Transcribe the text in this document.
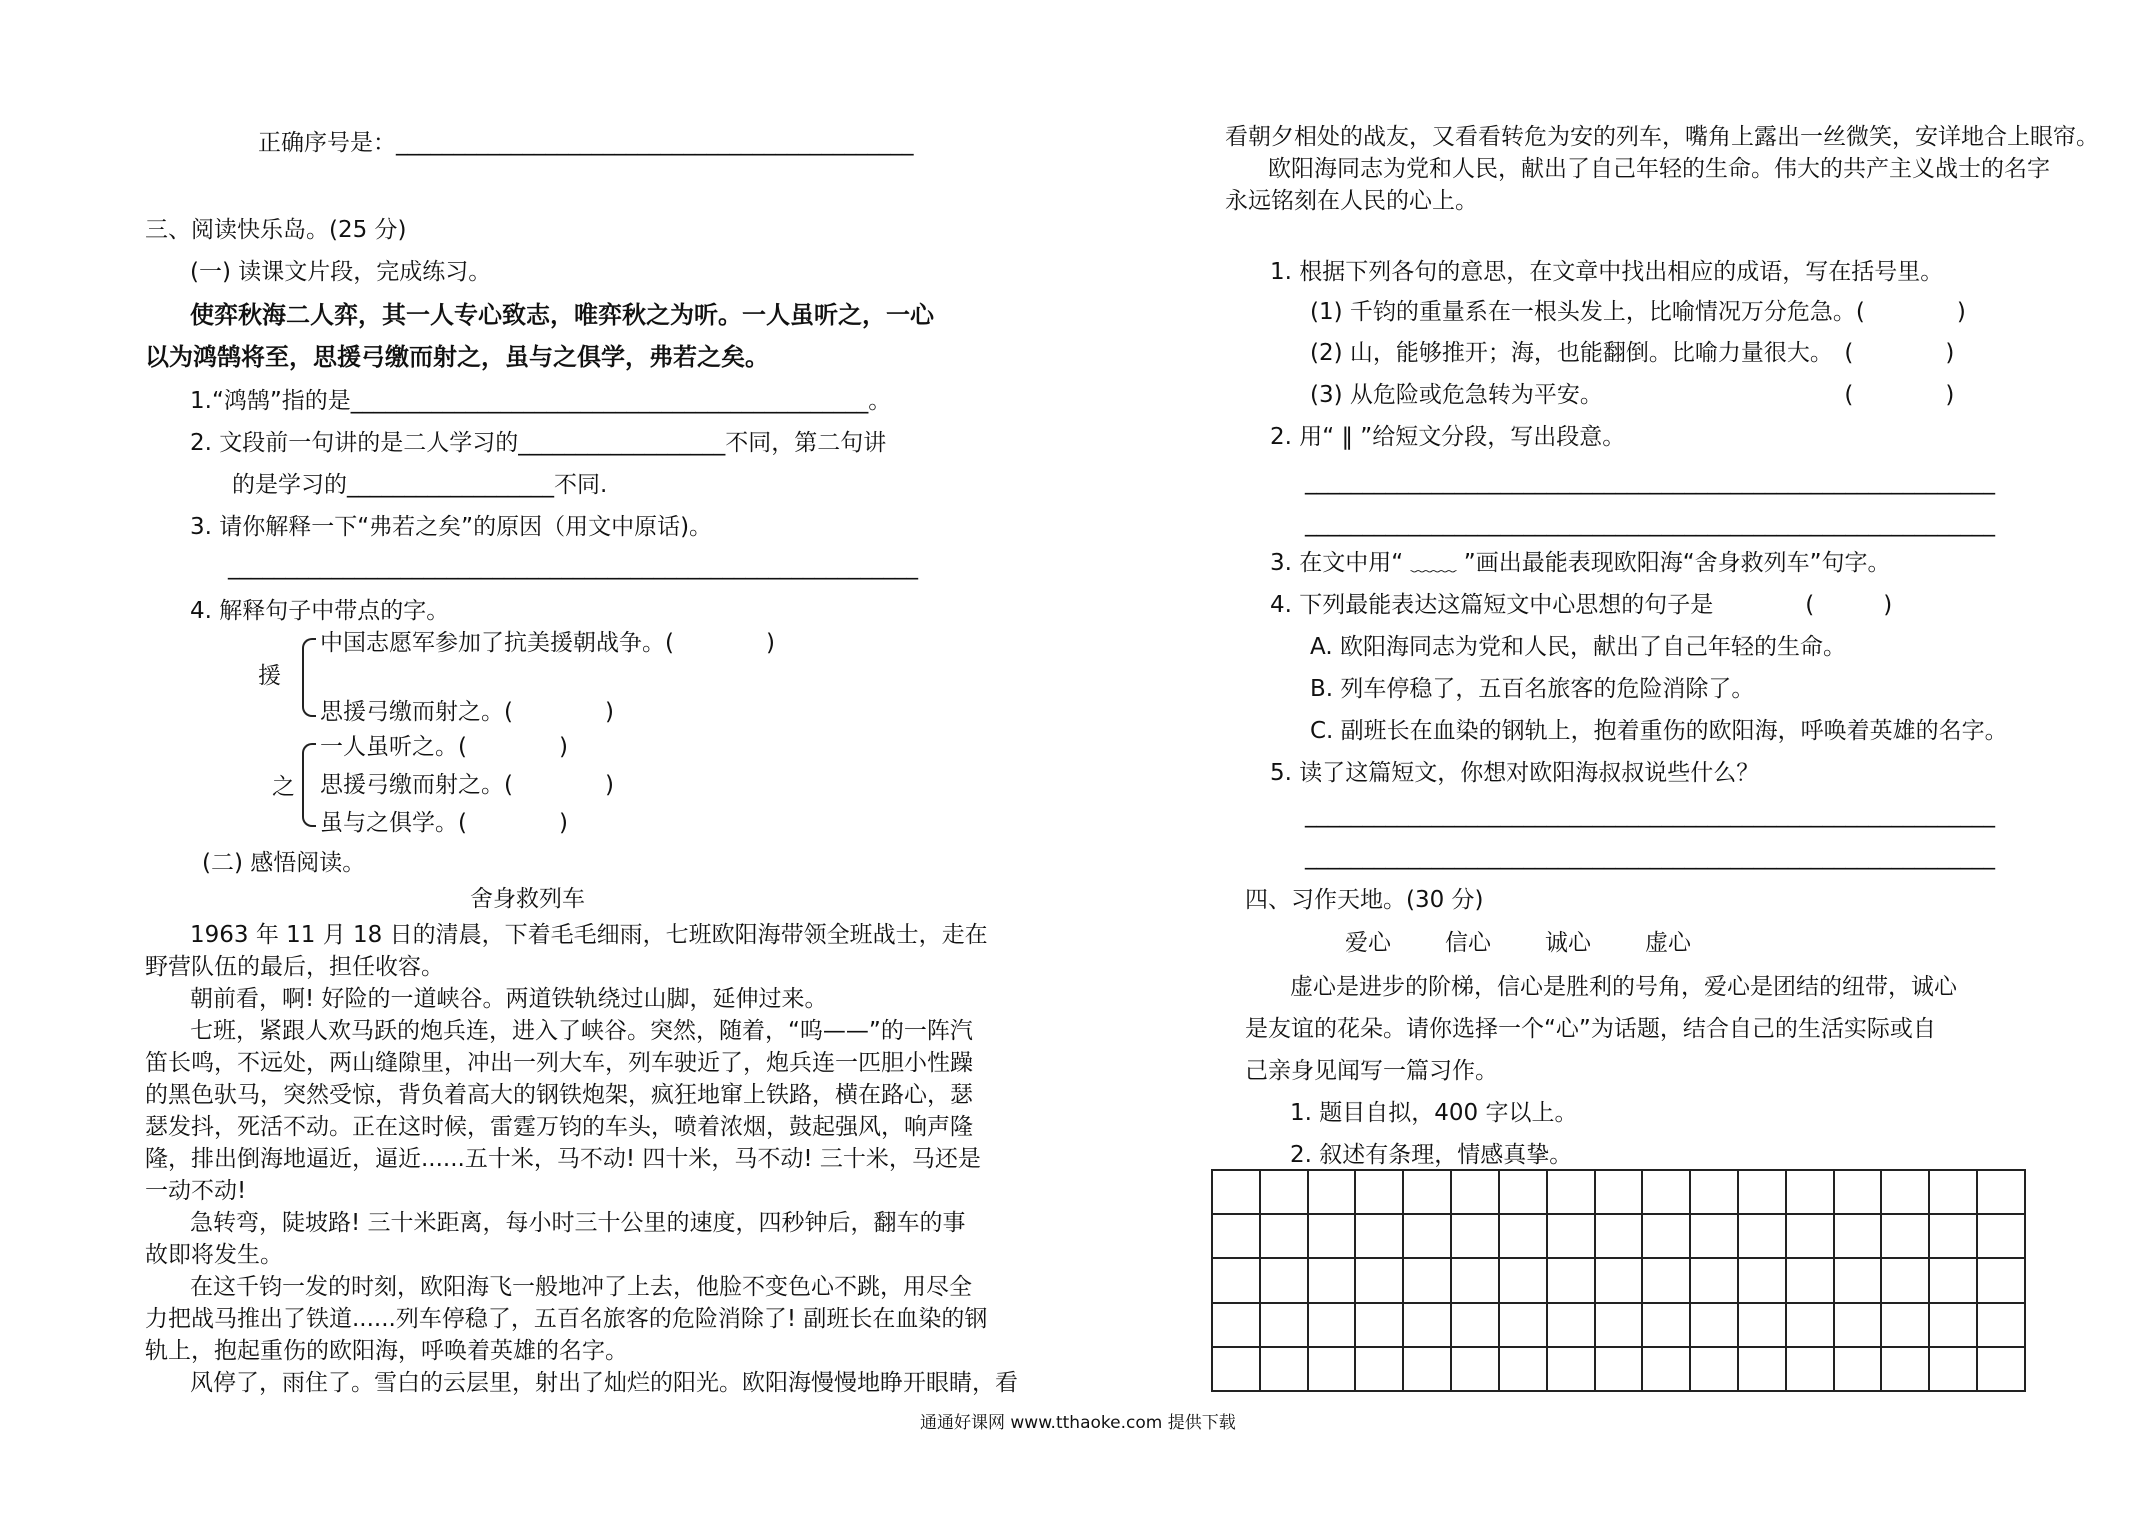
正确序号是：_____________________________________________
三、阅读快乐岛。(25 分)
(一) 读课文片段，完成练习。
使弈秋海二人弈，其一人专心致志，唯弈秋之为听。一人虽听之，一心
以为鸿鹄将至，思援弓缴而射之，虽与之俱学，弗若之矣。
1.“鸿鹄”指的是_____________________________________________。
2. 文段前一句讲的是二人学习的__________________不同，第二句讲
的是学习的__________________不同.
3. 请你解释一下“弗若之矣”的原因（用文中原话)。
____________________________________________________________
4. 解释句子中带点的字。
援
中国志愿军参加了抗美援朝战争。(　　　　)
思援弓缴而射之。(　　　　)
之
一人虽听之。(　　　　)
思援弓缴而射之。(　　　　)
虽与之俱学。(　　　　)
(二) 感悟阅读。
舍身救列车
1963 年 11 月 18 日的清晨，下着毛毛细雨，七班欧阳海带领全班战士，走在
野营队伍的最后，担任收容。
朝前看，啊! 好险的一道峡谷。两道铁轨绕过山脚，延伸过来。
七班，紧跟人欢马跃的炮兵连，进入了峡谷。突然，随着，“呜——”的一阵汽
笛长鸣，不远处，两山缝隙里，冲出一列大车，列车驶近了，炮兵连一匹胆小性躁
的黑色驮马，突然受惊，背负着高大的钢铁炮架，疯狂地窜上铁路，横在路心，瑟
瑟发抖，死活不动。正在这时候，雷霆万钧的车头，喷着浓烟，鼓起强风，响声隆
隆，排出倒海地逼近，逼近......五十米，马不动! 四十米，马不动! 三十米，马还是
一动不动!
急转弯，陡坡路! 三十米距离，每小时三十公里的速度，四秒钟后，翻车的事
故即将发生。
在这千钧一发的时刻，欧阳海飞一般地冲了上去，他脸不变色心不跳，用尽全
力把战马推出了铁道......列车停稳了，五百名旅客的危险消除了! 副班长在血染的钢
轨上，抱起重伤的欧阳海，呼唤着英雄的名字。
风停了，雨住了。雪白的云层里，射出了灿烂的阳光。欧阳海慢慢地睁开眼睛，看
看朝夕相处的战友，又看看转危为安的列车，嘴角上露出一丝微笑，安详地合上眼帘。
欧阳海同志为党和人民，献出了自己年轻的生命。伟大的共产主义战士的名字
永远铭刻在人民的心上。
1. 根据下列各句的意思，在文章中找出相应的成语，写在括号里。
(1) 千钧的重量系在一根头发上，比喻情况万分危急。(　　　　)
(2) 山，能够推开；海，也能翻倒。比喻力量很大。　(　　　　)
(3) 从危险或危急转为平安。　　　　　　　　　　　(　　　　)
2. 用“ ‖ ”给短文分段，写出段意。
____________________________________________________________
____________________________________________________________
3. 在文中用“ ﹏﹏ ”画出最能表现欧阳海“舍身救列车”句字。
4. 下列最能表达这篇短文中心思想的句子是　　　　(　　　)
A. 欧阳海同志为党和人民，献出了自己年轻的生命。
B. 列车停稳了，五百名旅客的危险消除了。
C. 副班长在血染的钢轨上，抱着重伤的欧阳海，呼唤着英雄的名字。
5. 读了这篇短文，你想对欧阳海叔叔说些什么？
____________________________________________________________
____________________________________________________________
四、习作天地。(30 分)
爱心 信心 诚心 虚心
虚心是进步的阶梯，信心是胜利的号角，爱心是团结的纽带，诚心
是友谊的花朵。请你选择一个“心”为话题，结合自己的生活实际或自
己亲身见闻写一篇习作。
1. 题目自拟，400 字以上。
2. 叙述有条理，情感真挚。

通通好课网 www.tthaoke.com 提供下载
